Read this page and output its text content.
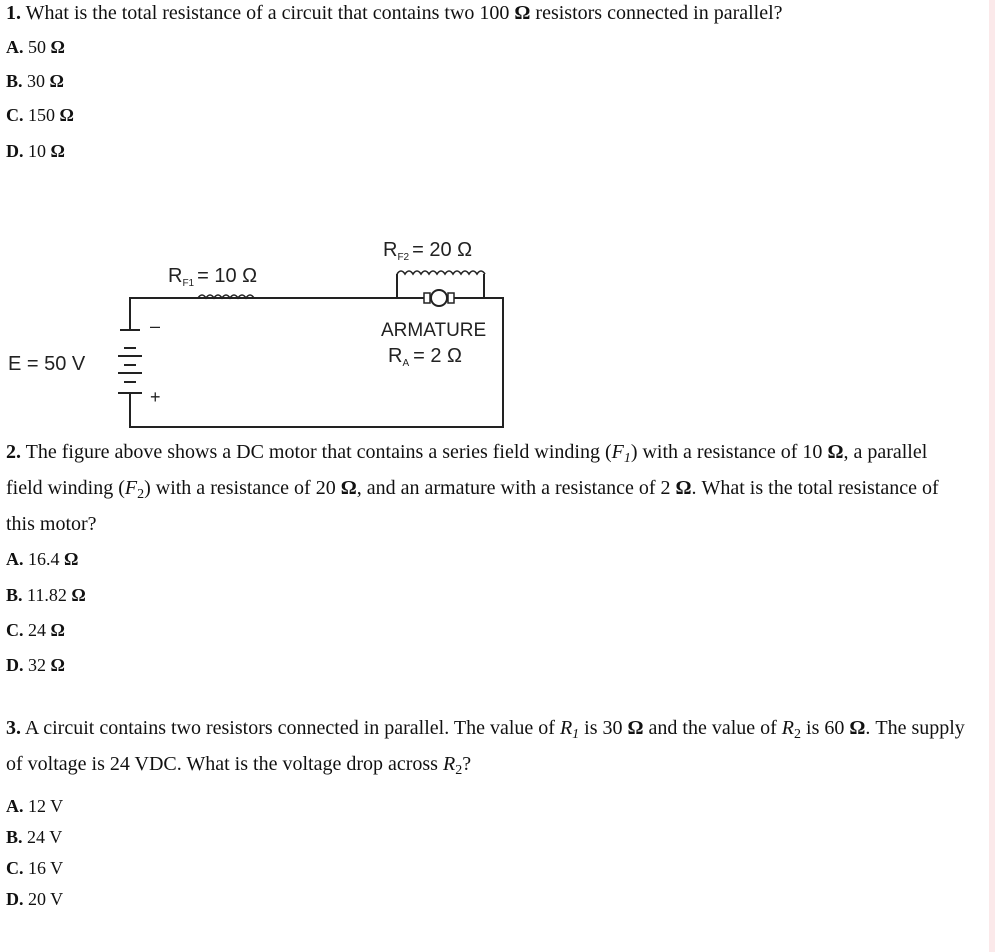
1. What is the total resistance of a circuit that contains two 100 Ω resistors connected in parallel?
A. 50 Ω
B. 30 Ω
C. 150 Ω
D. 10 Ω
$R_{F2} = 20$ Ω
$R_{F1} = 10$ Ω
ARMATURE
$R_A = 2$ Ω
E = 50 V
–
+
2. The figure above shows a DC motor that contains a series field winding $(F_1)$ with a resistance of 10 Ω, a parallel field winding $(F_2)$ with a resistance of 20 Ω, and an armature with a resistance of 2 Ω. What is the total resistance of this motor?
A. 16.4 Ω
B. 11.82 Ω
C. 24 Ω
D. 32 Ω
3. A circuit contains two resistors connected in parallel. The value of $R_1$ is 30 Ω and the value of $R_2$ is 60 Ω. The supply of voltage is 24 VDC. What is the voltage drop across $R_2$?
A. 12 V
B. 24 V
C. 16 V
D. 20 V
